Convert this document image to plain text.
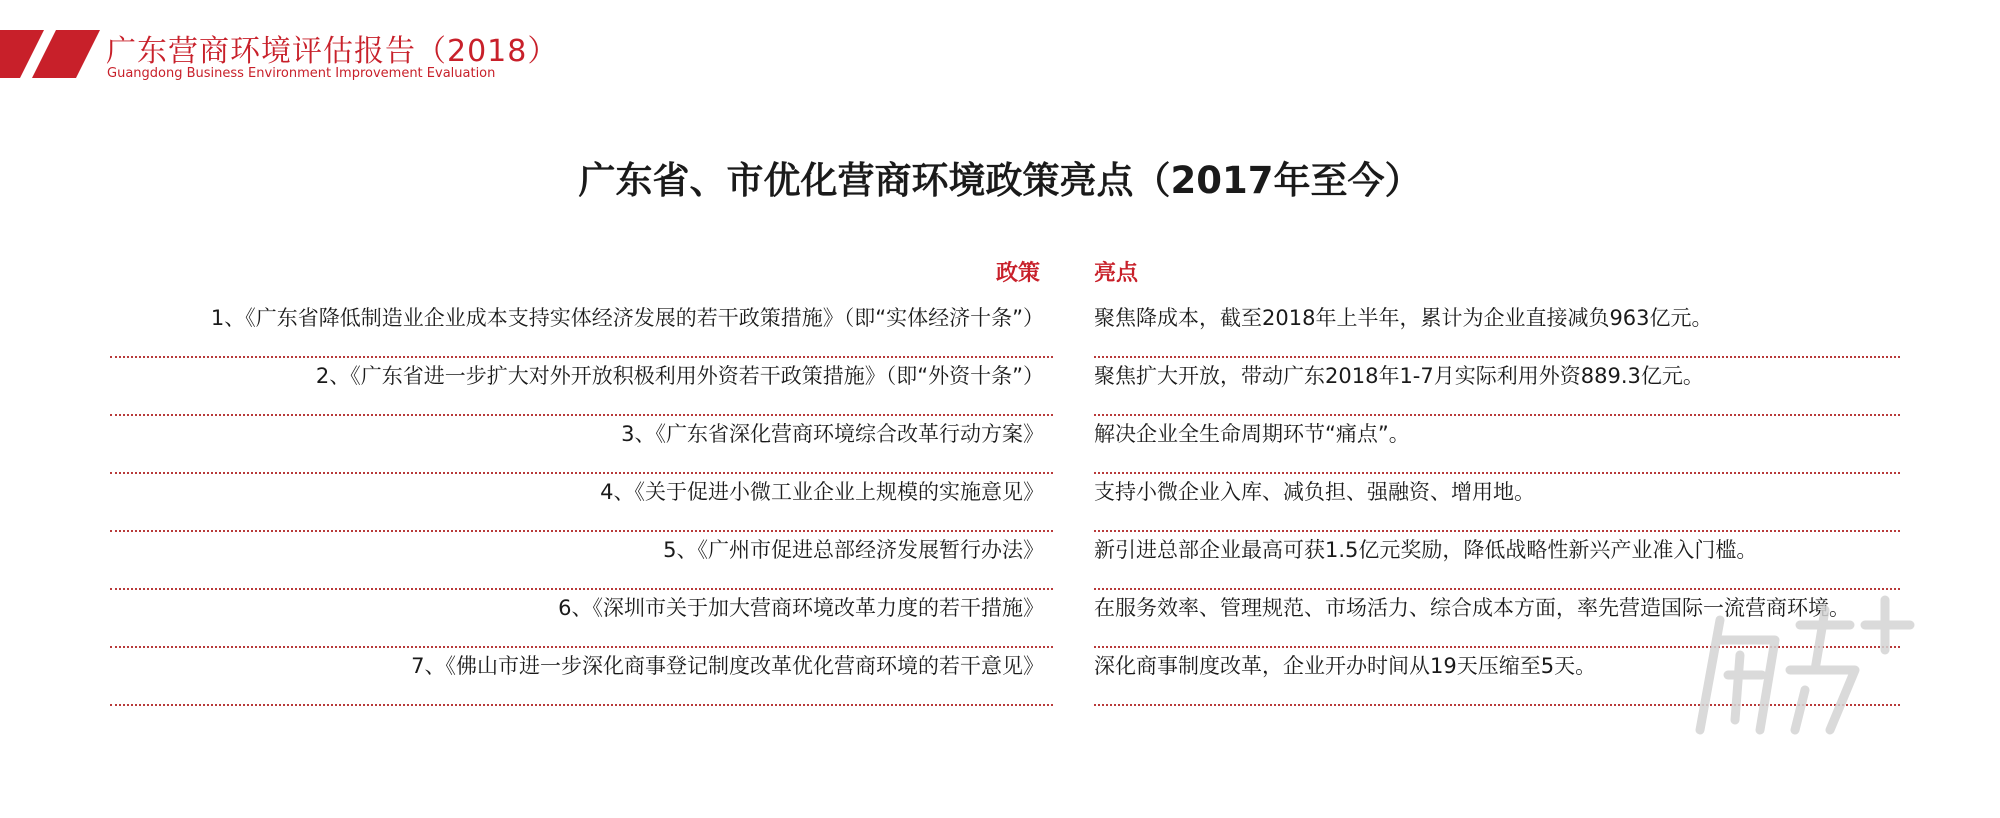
广东营商环境评估报告（2018）
Guangdong Business Environment Improvement Evaluation
广东省、市优化营商环境政策亮点（2017年至今）
政策 亮点
1、《广东省降低制造业企业成本支持实体经济发展的若干政策措施》（即“实体经济十条”）	聚焦降成本，截至2018年上半年，累计为企业直接减负963亿元。
2、《广东省进一步扩大对外开放积极利用外资若干政策措施》（即“外资十条”）	聚焦扩大开放，带动广东2018年1-7月实际利用外资889.3亿元。
3、《广东省深化营商环境综合改革行动方案》	解决企业全生命周期环节“痛点”。
4、《关于促进小微工业企业上规模的实施意见》	支持小微企业入库、减负担、强融资、增用地。
5、《广州市促进总部经济发展暂行办法》	新引进总部企业最高可获1.5亿元奖励，降低战略性新兴产业准入门槛。
6、《深圳市关于加大营商环境改革力度的若干措施》	在服务效率、管理规范、市场活力、综合成本方面，率先营造国际一流营商环境。
7、《佛山市进一步深化商事登记制度改革优化营商环境的若干意见》	深化商事制度改革，企业开办时间从19天压缩至5天。
